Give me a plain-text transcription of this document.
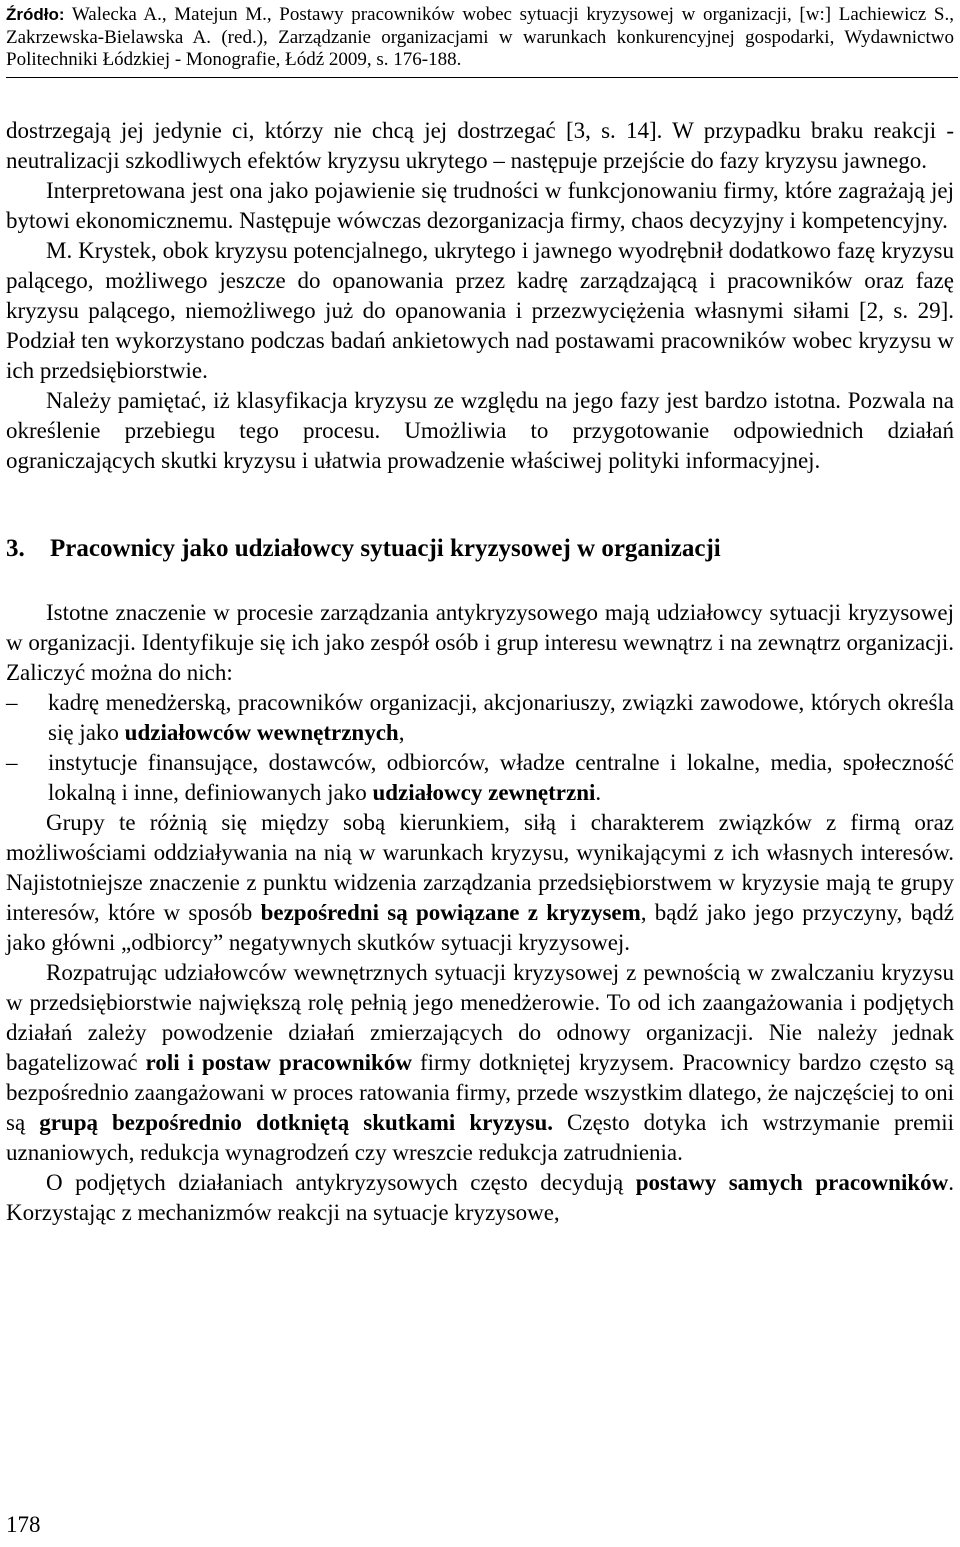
Źródło: Walecka A., Matejun M., Postawy pracowników wobec sytuacji kryzysowej w organizacji, [w:] Lachiewicz S., Zakrzewska-Bielawska A. (red.), Zarządzanie organizacjami w warunkach konkurencyjnej gospodarki, Wydawnictwo Politechniki Łódzkiej - Monografie, Łódź 2009, s. 176-188.

dostrzegają jej jedynie ci, którzy nie chcą jej dostrzegać [3, s. 14]. W przypadku braku reakcji - neutralizacji szkodliwych efektów kryzysu ukrytego – następuje przejście do fazy kryzysu jawnego.

Interpretowana jest ona jako pojawienie się trudności w funkcjonowaniu firmy, które zagrażają jej bytowi ekonomicznemu. Następuje wówczas dezorganizacja firmy, chaos decyzyjny i kompetencyjny.

M. Krystek, obok kryzysu potencjalnego, ukrytego i jawnego wyodrębnił dodatkowo fazę kryzysu palącego, możliwego jeszcze do opanowania przez kadrę zarządzającą i pracowników oraz fazę kryzysu palącego, niemożliwego już do opanowania i przezwyciężenia własnymi siłami [2, s. 29]. Podział ten wykorzystano podczas badań ankietowych nad postawami pracowników wobec kryzysu w ich przedsiębiorstwie.

Należy pamiętać, iż klasyfikacja kryzysu ze względu na jego fazy jest bardzo istotna. Pozwala na określenie przebiegu tego procesu. Umożliwia to przygotowanie odpowiednich działań ograniczających skutki kryzysu i ułatwia prowadzenie właściwej polityki informacyjnej.

3. Pracownicy jako udziałowcy sytuacji kryzysowej w organizacji

Istotne znaczenie w procesie zarządzania antykryzysowego mają udziałowcy sytuacji kryzysowej w organizacji. Identyfikuje się ich jako zespół osób i grup interesu wewnątrz i na zewnątrz organizacji. Zaliczyć można do nich:

–	kadrę menedżerską, pracowników organizacji, akcjonariuszy, związki zawodowe, których określa się jako udziałowców wewnętrznych,
–	instytucje finansujące, dostawców, odbiorców, władze centralne i lokalne, media, społeczność lokalną i inne, definiowanych jako udziałowcy zewnętrzni.

Grupy te różnią się między sobą kierunkiem, siłą i charakterem związków z firmą oraz możliwościami oddziaływania na nią w warunkach kryzysu, wynikającymi z ich własnych interesów. Najistotniejsze znaczenie z punktu widzenia zarządzania przedsiębiorstwem w kryzysie mają te grupy interesów, które w sposób bezpośredni są powiązane z kryzysem, bądź jako jego przyczyny, bądź jako główni „odbiorcy” negatywnych skutków sytuacji kryzysowej.

Rozpatrując udziałowców wewnętrznych sytuacji kryzysowej z pewnością w zwalczaniu kryzysu w przedsiębiorstwie największą rolę pełnią jego menedżerowie. To od ich zaangażowania i podjętych działań zależy powodzenie działań zmierzających do odnowy organizacji. Nie należy jednak bagatelizować roli i postaw pracowników firmy dotkniętej kryzysem. Pracownicy bardzo często są bezpośrednio zaangażowani w proces ratowania firmy, przede wszystkim dlatego, że najczęściej to oni są grupą bezpośrednio dotkniętą skutkami kryzysu. Często dotyka ich wstrzymanie premii uznaniowych, redukcja wynagrodzeń czy wreszcie redukcja zatrudnienia.

O podjętych działaniach antykryzysowych często decydują postawy samych pracowników. Korzystając z mechanizmów reakcji na sytuacje kryzysowe,

178
